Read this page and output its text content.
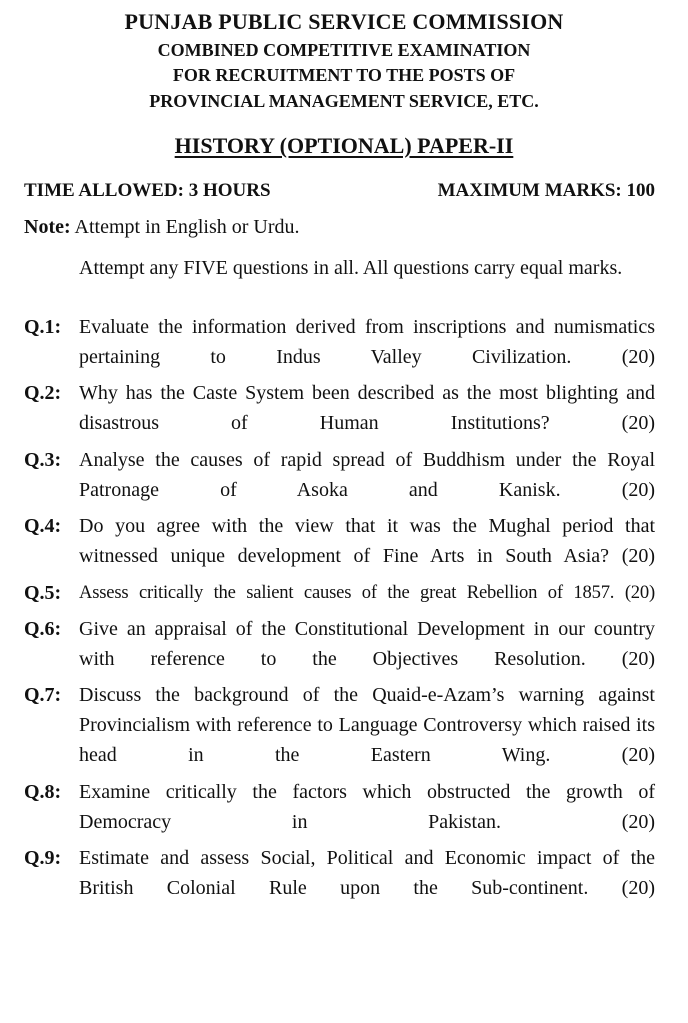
PUNJAB PUBLIC SERVICE COMMISSION
COMBINED COMPETITIVE EXAMINATION
FOR RECRUITMENT TO THE POSTS OF
PROVINCIAL MANAGEMENT SERVICE, ETC.
HISTORY (OPTIONAL) PAPER-II
TIME ALLOWED: 3 HOURS	MAXIMUM MARKS: 100
Note: Attempt in English or Urdu.
Attempt any FIVE questions in all. All questions carry equal marks.
Q.1: Evaluate the information derived from inscriptions and numismatics pertaining to Indus Valley Civilization.	(20)
Q.2: Why has the Caste System been described as the most blighting and disastrous of Human Institutions?	(20)
Q.3: Analyse the causes of rapid spread of Buddhism under the Royal Patronage of Asoka and Kanisk.	(20)
Q.4: Do you agree with the view that it was the Mughal period that witnessed unique development of Fine Arts in South Asia? (20)
Q.5: Assess critically the salient causes of the great Rebellion of 1857. (20)
Q.6: Give an appraisal of the Constitutional Development in our country with reference to the Objectives Resolution. (20)
Q.7: Discuss the background of the Quaid-e-Azam’s warning against Provincialism with reference to Language Controversy which raised its head in the Eastern Wing.	(20)
Q.8: Examine critically the factors which obstructed the growth of Democracy in Pakistan.	(20)
Q.9: Estimate and assess Social, Political and Economic impact of the British Colonial Rule upon the Sub-continent. (20)
